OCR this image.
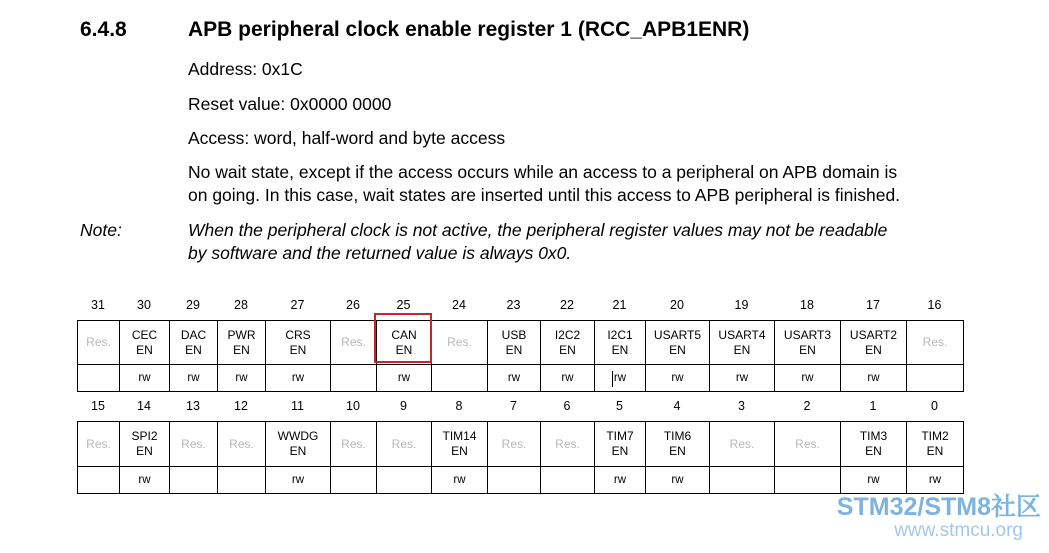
6.4.8	APB peripheral clock enable register 1 (RCC_APB1ENR)
Address: 0x1C
Reset value: 0x0000 0000
Access: word, half-word and byte access
No wait state, except if the access occurs while an access to a peripheral on APB domain is
on going. In this case, wait states are inserted until this access to APB peripheral is finished.
Note:	When the peripheral clock is not active, the peripheral register values may not be readable
by software and the returned value is always 0x0.
31
Res.
30
CEC
EN
rw
29
DAC
EN
rw
28
PWR
EN
rw
27
CRS
EN
rw
26
Res.
25
CAN
EN
rw
24
Res.
23
USB
EN
rw
22
I2C2
EN
rw
21
I2C1
EN
rw
20
USART5
EN
rw
19
USART4
EN
rw
18
USART3
EN
rw
17
USART2
EN
rw
16
Res.
15
Res.
14
SPI2
EN
rw
13
Res.
12
Res.
11
WWDG
EN
rw
10
Res.
9
Res.
8
TIM14
EN
rw
7
Res.
6
Res.
5
TIM7
EN
rw
4
TIM6
EN
rw
3
Res.
2
Res.
1
TIM3
EN
rw
0
TIM2
EN
rw
STM32/STM8社区
www.stmcu.org
